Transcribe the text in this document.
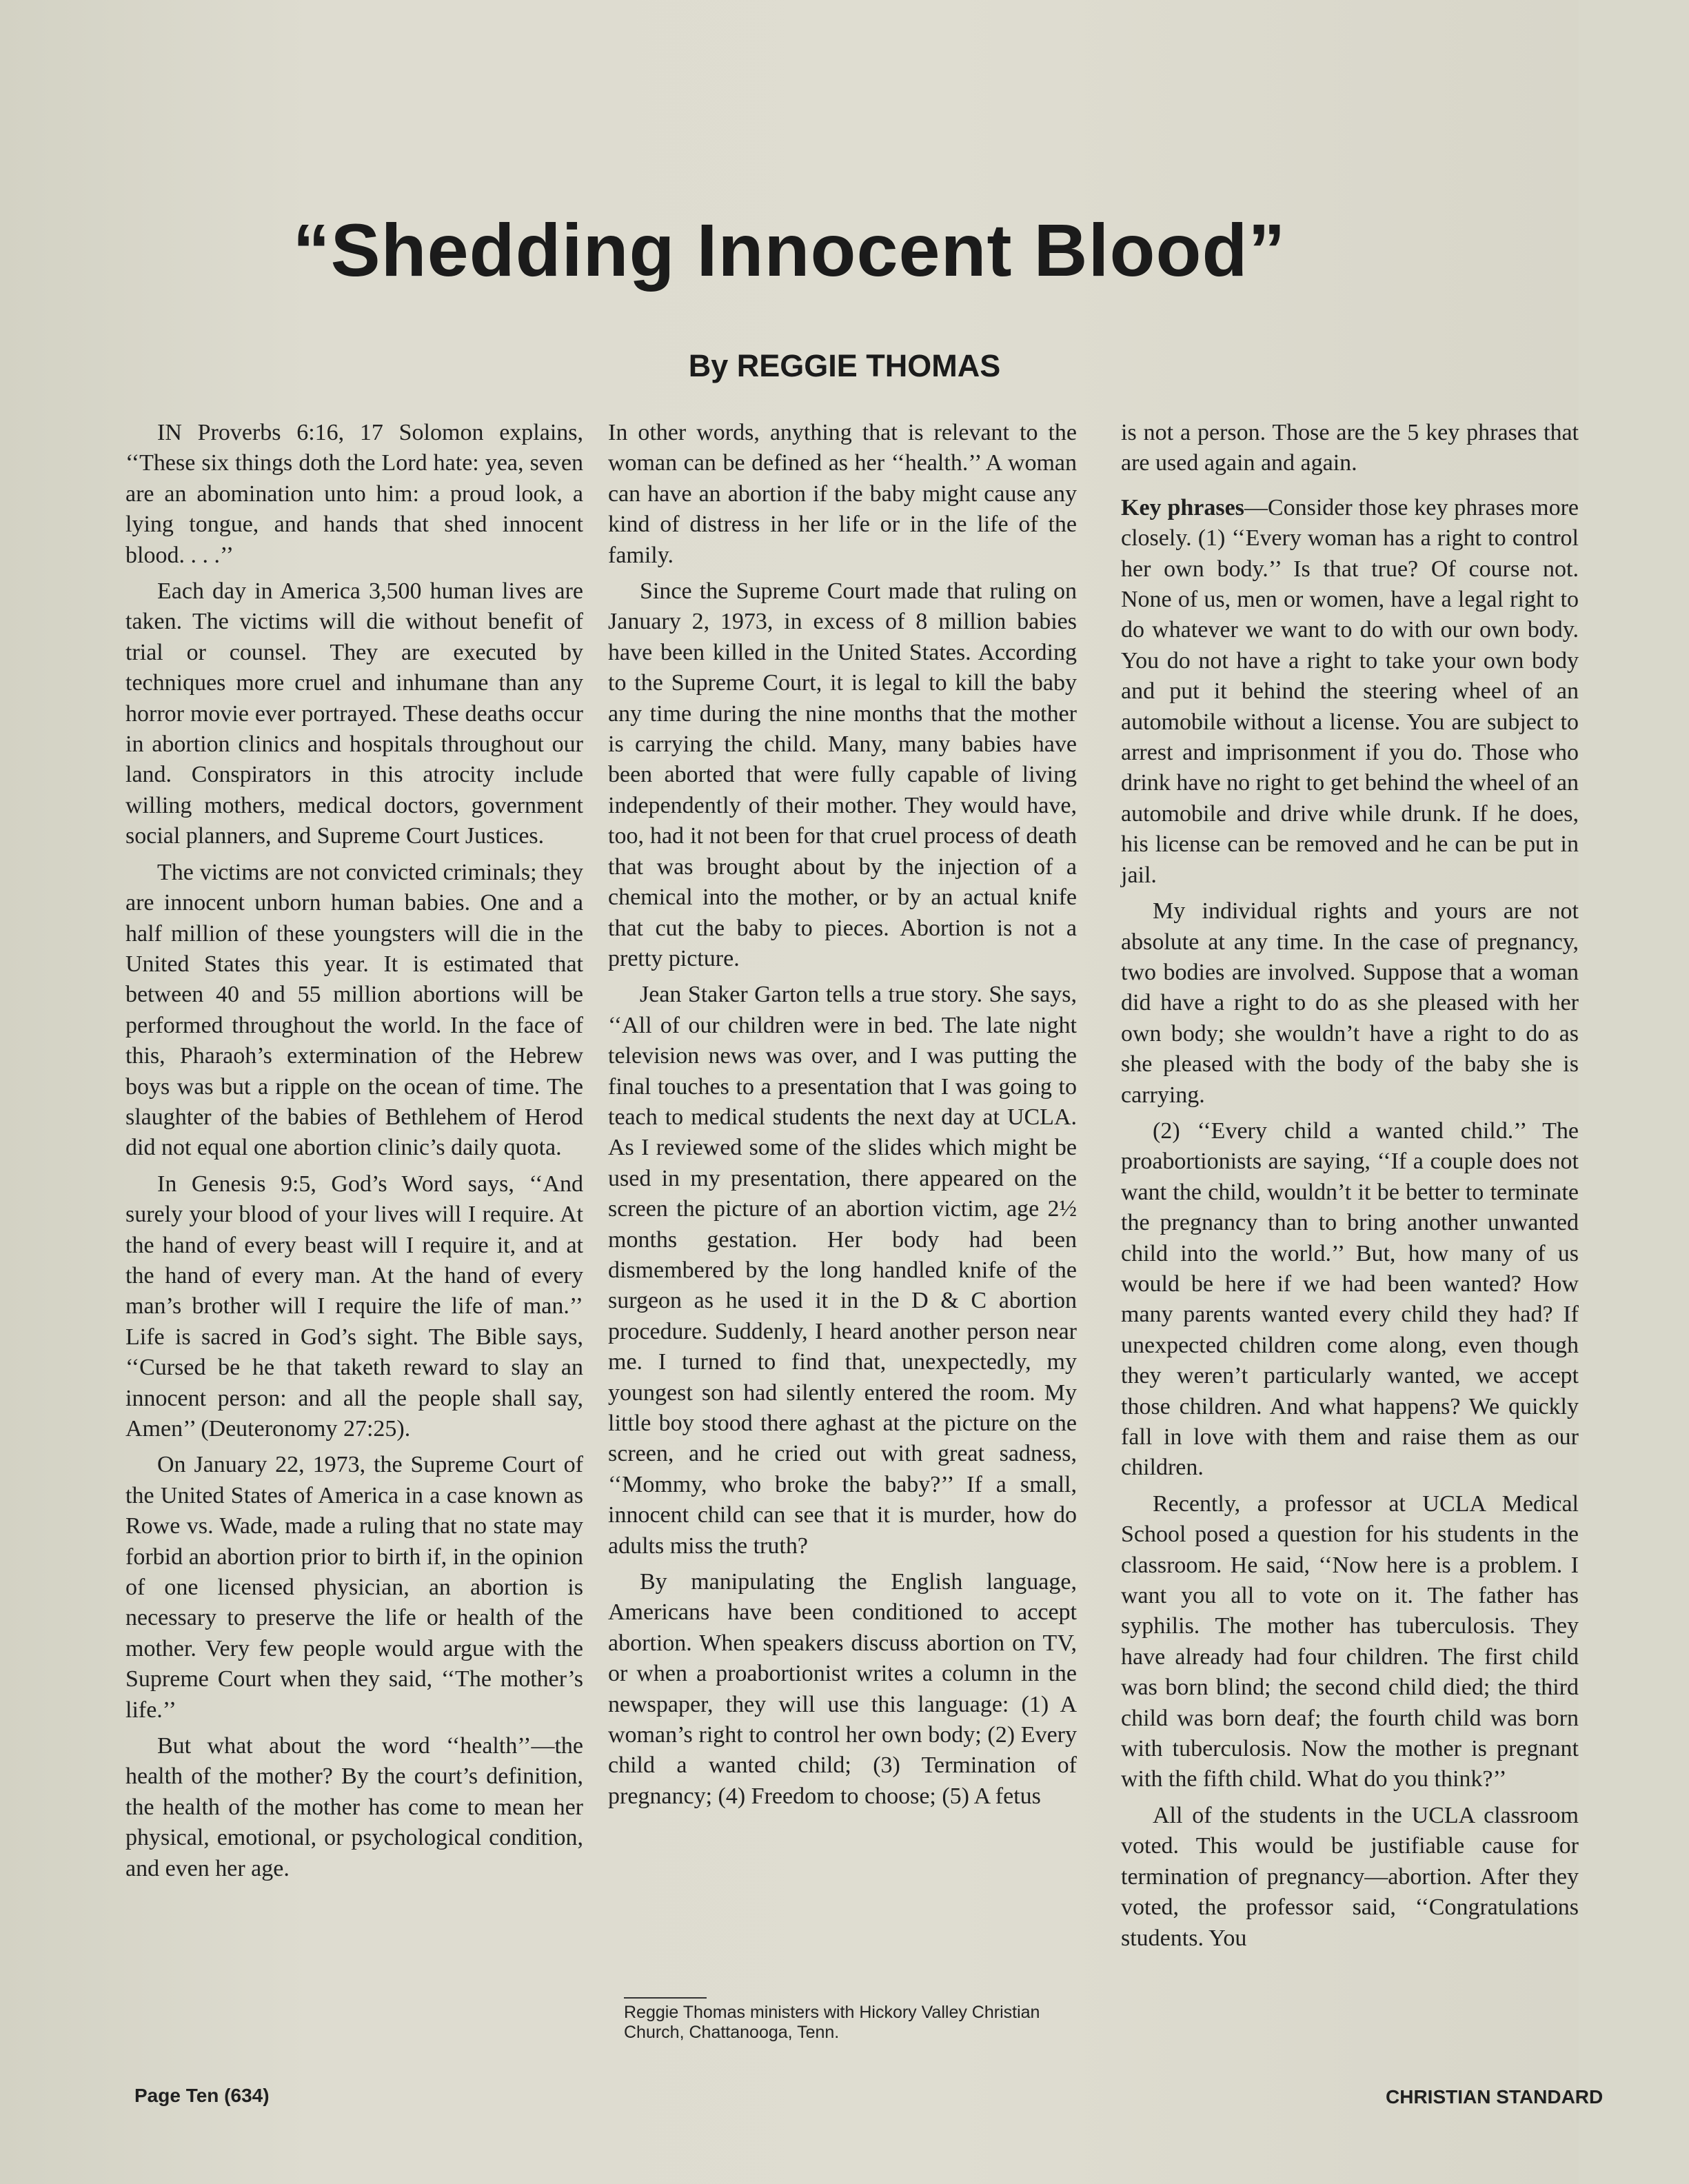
“Shedding Innocent Blood”
By REGGIE THOMAS

IN Proverbs 6:16, 17 Solomon explains, ‘‘These six things doth the Lord hate: yea, seven are an abomination unto him: a proud look, a lying tongue, and hands that shed innocent blood. . . .’’

Each day in America 3,500 human lives are taken. The victims will die without benefit of trial or counsel. They are executed by techniques more cruel and inhumane than any horror movie ever portrayed. These deaths occur in abortion clinics and hospitals throughout our land. Conspirators in this atrocity include willing mothers, medical doctors, government social planners, and Supreme Court Justices.

The victims are not convicted criminals; they are innocent unborn human babies. One and a half million of these youngsters will die in the United States this year. It is estimated that between 40 and 55 million abortions will be performed throughout the world. In the face of this, Pharaoh’s extermination of the Hebrew boys was but a ripple on the ocean of time. The slaughter of the babies of Bethlehem of Herod did not equal one abortion clinic’s daily quota.

In Genesis 9:5, God’s Word says, ‘‘And surely your blood of your lives will I require. At the hand of every beast will I require it, and at the hand of every man. At the hand of every man’s brother will I require the life of man.’’ Life is sacred in God’s sight. The Bible says, ‘‘Cursed be he that taketh reward to slay an innocent person: and all the people shall say, Amen’’ (Deuteronomy 27:25).

On January 22, 1973, the Supreme Court of the United States of America in a case known as Rowe vs. Wade, made a ruling that no state may forbid an abortion prior to birth if, in the opinion of one licensed physician, an abortion is necessary to preserve the life or health of the mother. Very few people would argue with the Supreme Court when they said, ‘‘The mother’s life.’’

But what about the word ‘‘health’’—the health of the mother? By the court’s definition, the health of the mother has come to mean her physical, emotional, or psychological condition, and even her age.

In other words, anything that is relevant to the woman can be defined as her ‘‘health.’’ A woman can have an abortion if the baby might cause any kind of distress in her life or in the life of the family.

Since the Supreme Court made that ruling on January 2, 1973, in excess of 8 million babies have been killed in the United States. According to the Supreme Court, it is legal to kill the baby any time during the nine months that the mother is carrying the child. Many, many babies have been aborted that were fully capable of living independently of their mother. They would have, too, had it not been for that cruel process of death that was brought about by the injection of a chemical into the mother, or by an actual knife that cut the baby to pieces. Abortion is not a pretty picture.

Jean Staker Garton tells a true story. She says, ‘‘All of our children were in bed. The late night television news was over, and I was putting the final touches to a presentation that I was going to teach to medical students the next day at UCLA. As I reviewed some of the slides which might be used in my presentation, there appeared on the screen the picture of an abortion victim, age 2½ months gestation. Her body had been dismembered by the long handled knife of the surgeon as he used it in the D & C abortion procedure. Suddenly, I heard another person near me. I turned to find that, unexpectedly, my youngest son had silently entered the room. My little boy stood there aghast at the picture on the screen, and he cried out with great sadness, ‘‘Mommy, who broke the baby?’’ If a small, innocent child can see that it is murder, how do adults miss the truth?

By manipulating the English language, Americans have been conditioned to accept abortion. When speakers discuss abortion on TV, or when a proabortionist writes a column in the newspaper, they will use this language: (1) A woman’s right to control her own body; (2) Every child a wanted child; (3) Termination of pregnancy; (4) Freedom to choose; (5) A fetus

is not a person. Those are the 5 key phrases that are used again and again.

Key phrases—Consider those key phrases more closely. (1) ‘‘Every woman has a right to control her own body.’’ Is that true? Of course not. None of us, men or women, have a legal right to do whatever we want to do with our own body. You do not have a right to take your own body and put it behind the steering wheel of an automobile without a license. You are subject to arrest and imprisonment if you do. Those who drink have no right to get behind the wheel of an automobile and drive while drunk. If he does, his license can be removed and he can be put in jail.

My individual rights and yours are not absolute at any time. In the case of pregnancy, two bodies are involved. Suppose that a woman did have a right to do as she pleased with her own body; she wouldn’t have a right to do as she pleased with the body of the baby she is carrying.

(2) ‘‘Every child a wanted child.’’ The proabortionists are saying, ‘‘If a couple does not want the child, wouldn’t it be better to terminate the pregnancy than to bring another unwanted child into the world.’’ But, how many of us would be here if we had been wanted? How many parents wanted every child they had? If unexpected children come along, even though they weren’t particularly wanted, we accept those children. And what happens? We quickly fall in love with them and raise them as our children.

Recently, a professor at UCLA Medical School posed a question for his students in the classroom. He said, ‘‘Now here is a problem. I want you all to vote on it. The father has syphilis. The mother has tuberculosis. They have already had four children. The first child was born blind; the second child died; the third child was born deaf; the fourth child was born with tuberculosis. Now the mother is pregnant with the fifth child. What do you think?’’

All of the students in the UCLA classroom voted. This would be justifiable cause for termination of pregnancy—abortion. After they voted, the professor said, ‘‘Congratulations students. You

Reggie Thomas ministers with Hickory Valley Christian Church, Chattanooga, Tenn.
Page Ten (634)	CHRISTIAN STANDARD
